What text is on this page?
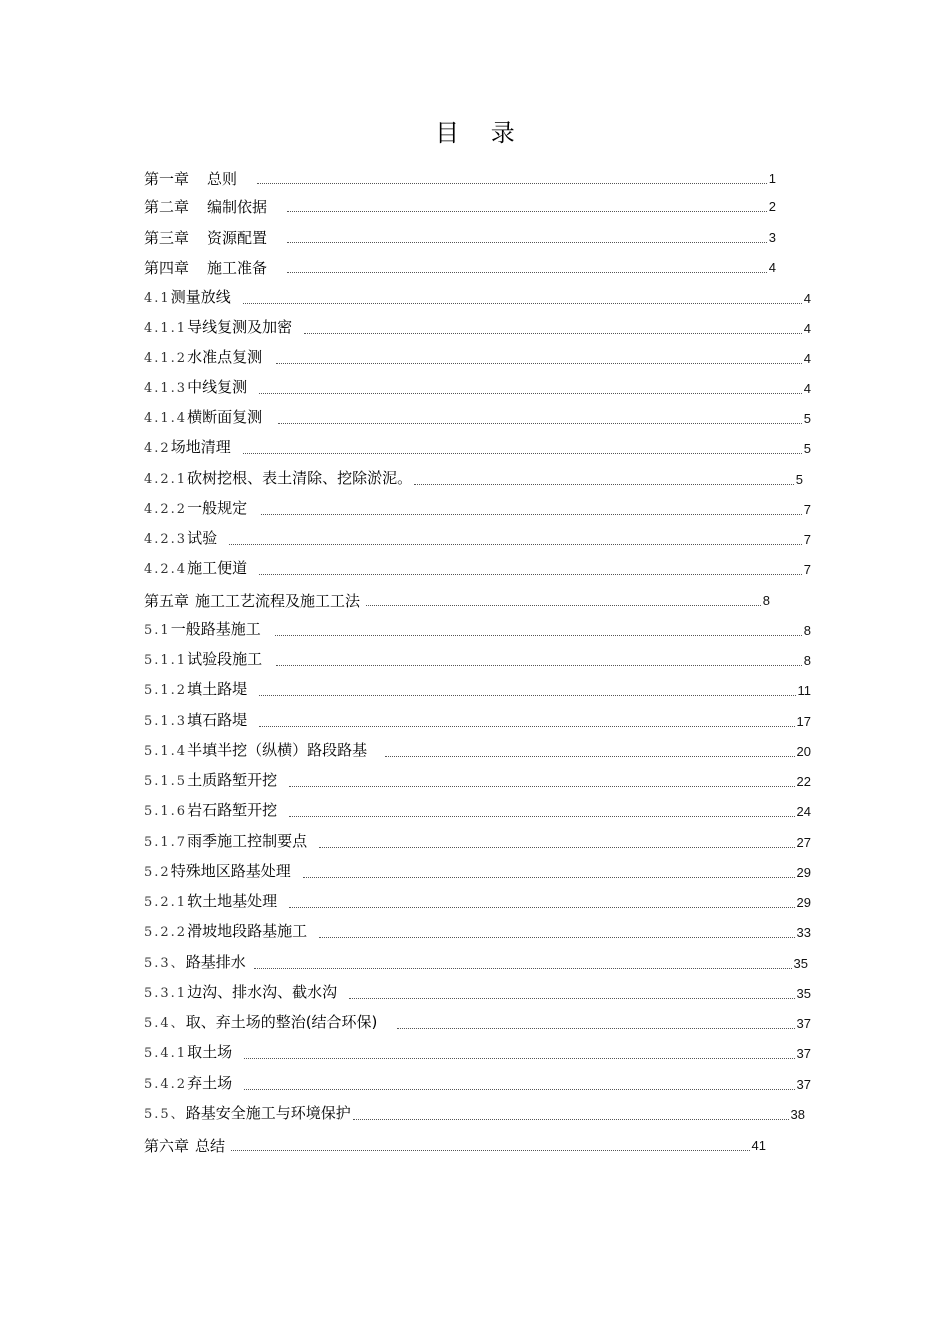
目 录
第一章 总则	1
第二章 编制依据	2
第三章 资源配置	3
第四章 施工准备	4
4.1测量放线	4
4.1.1导线复测及加密	4
4.1.2水准点复测	4
4.1.3中线复测	4
4.1.4横断面复测	5
4.2场地清理	5
4.2.1砍树挖根、表土清除、挖除淤泥。	5
4.2.2一般规定	7
4.2.3试验	7
4.2.4施工便道	7
第五章 施工工艺流程及施工工法	8
5.1一般路基施工	8
5.1.1试验段施工	8
5.1.2填土路堤	11
5.1.3填石路堤	17
5.1.4半填半挖（纵横）路段路基	20
5.1.5土质路堑开挖	22
5.1.6岩石路堑开挖	24
5.1.7雨季施工控制要点	27
5.2特殊地区路基处理	29
5.2.1软土地基处理	29
5.2.2滑坡地段路基施工	33
5.3、路基排水	35
5.3.1边沟、排水沟、截水沟	35
5.4、取、弃土场的整治(结合环保)	37
5.4.1取土场	37
5.4.2弃土场	37
5.5、路基安全施工与环境保护	38
第六章 总结	41
